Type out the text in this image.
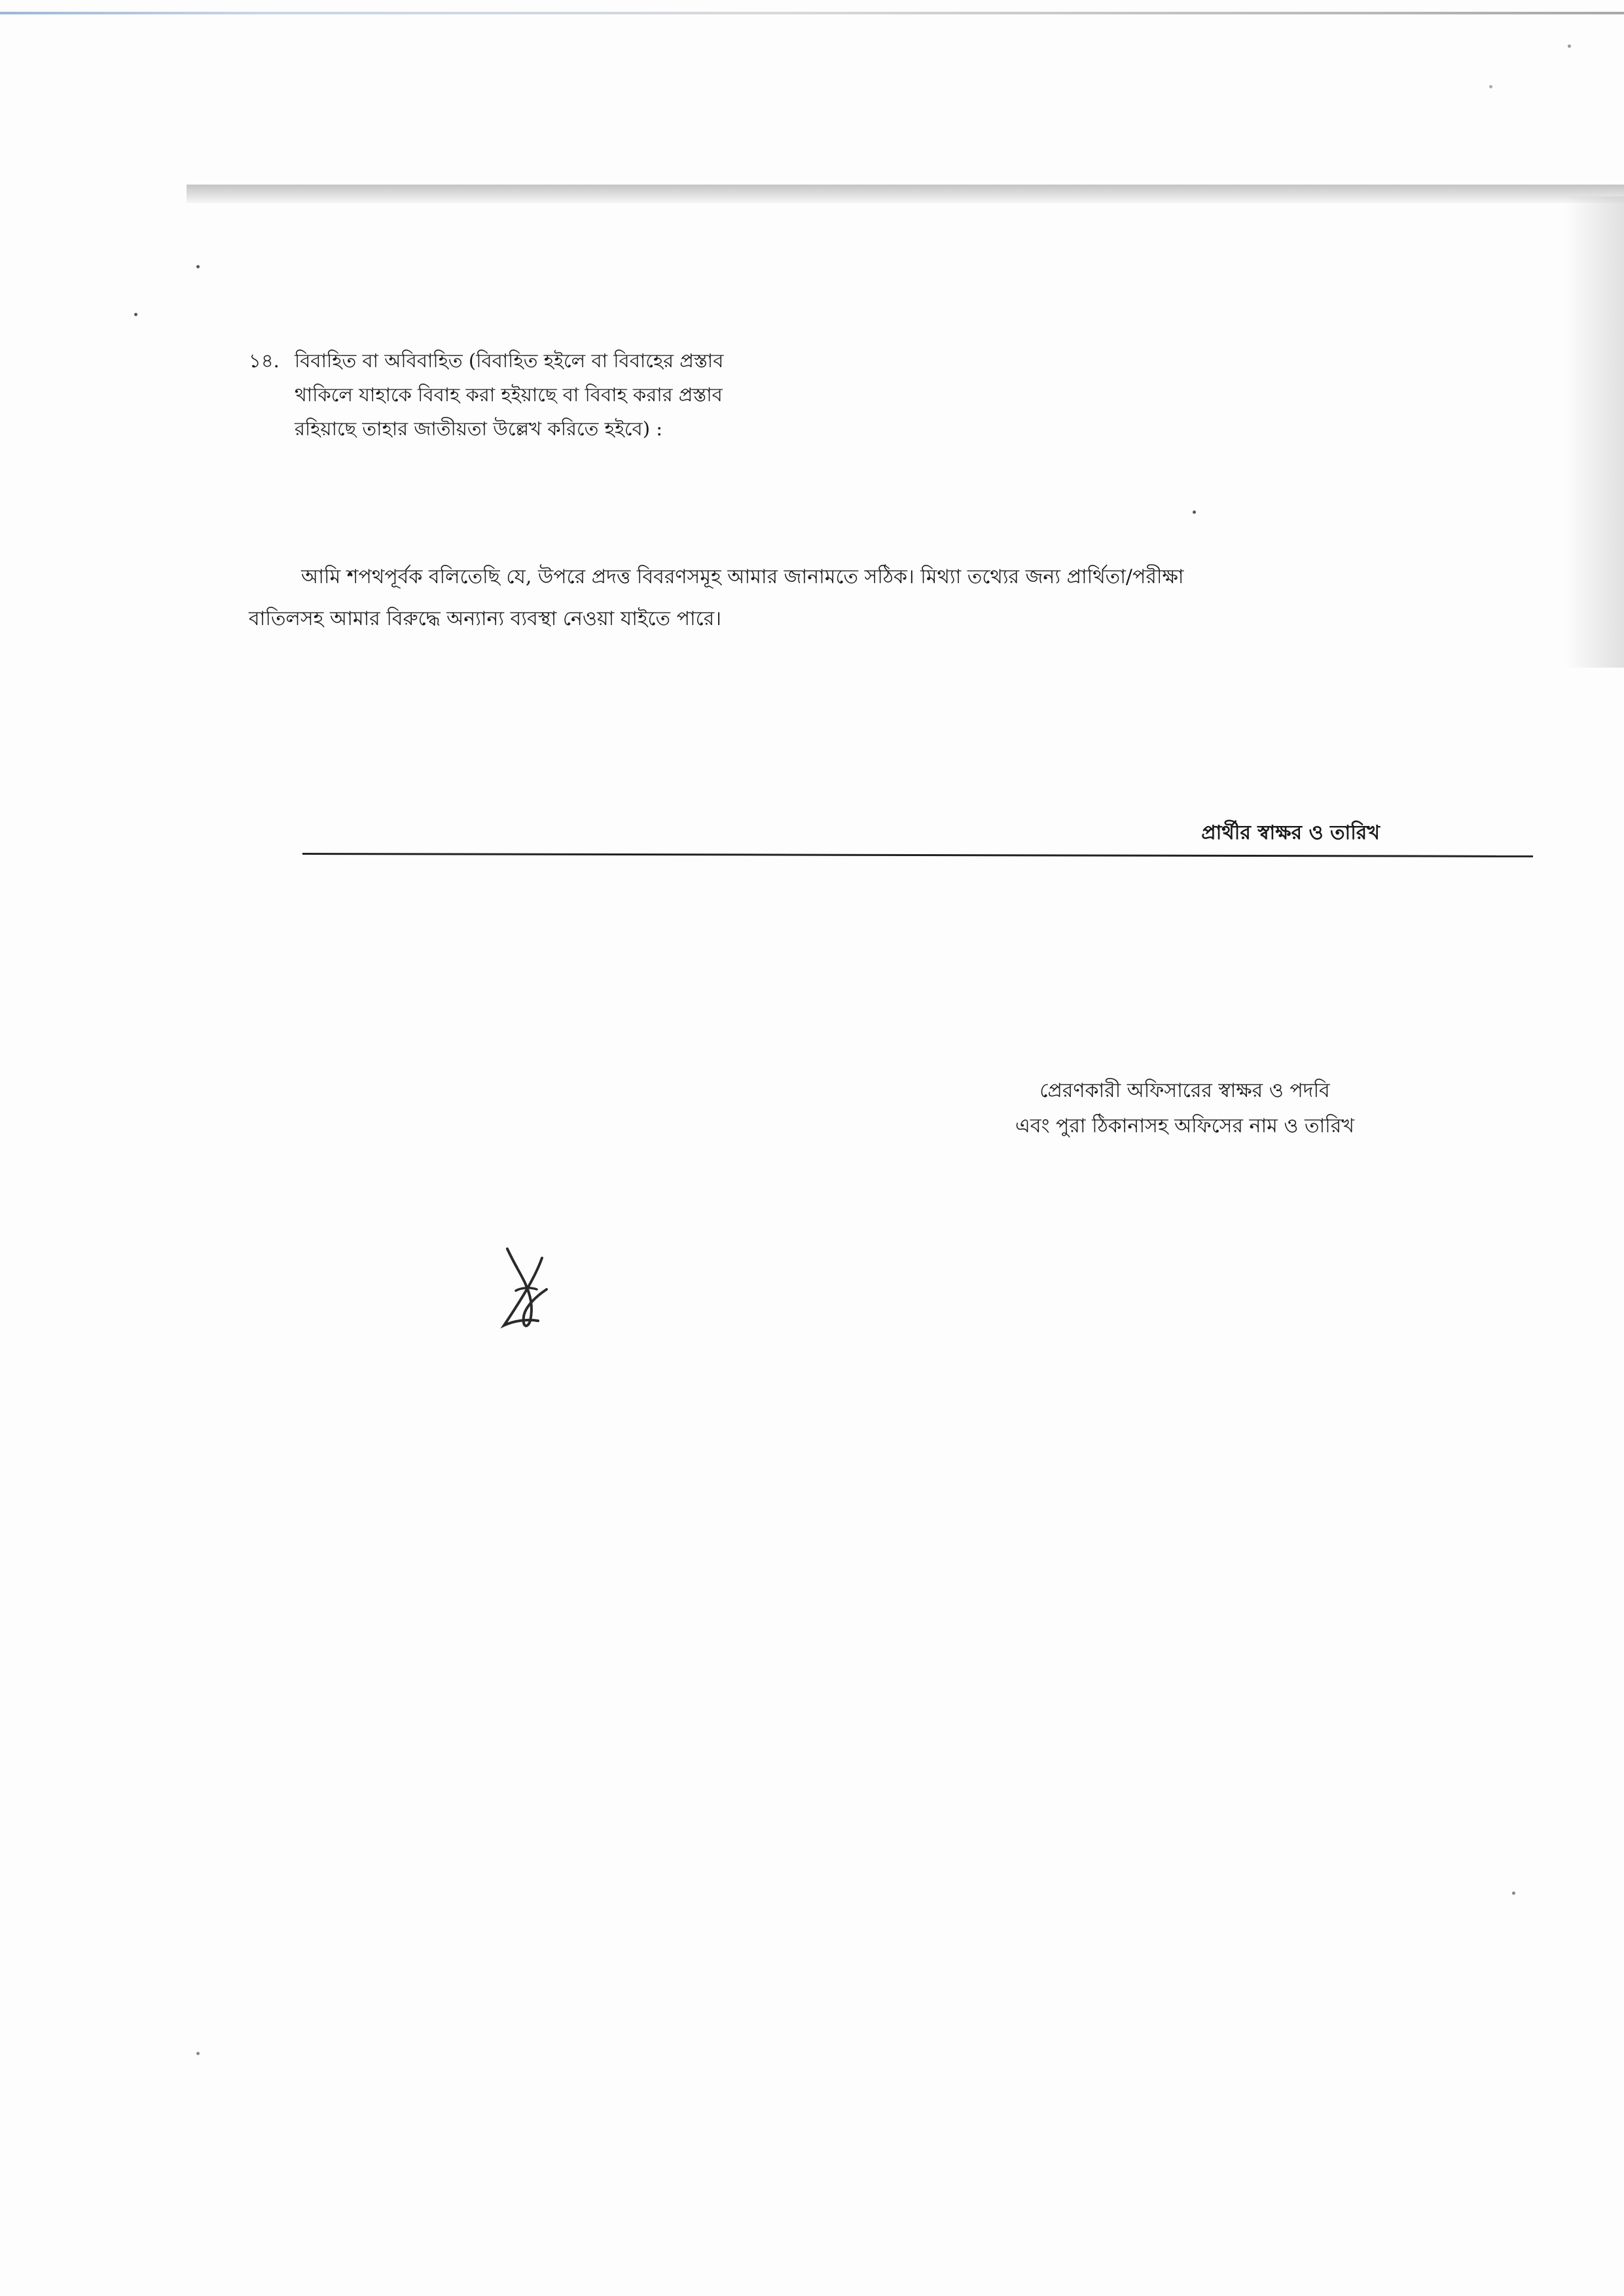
১৪. বিবাহিত বা অবিবাহিত (বিবাহিত হইলে বা বিবাহের প্রস্তাব
থাকিলে যাহাকে বিবাহ করা হইয়াছে বা বিবাহ করার প্রস্তাব
রহিয়াছে তাহার জাতীয়তা উল্লেখ করিতে হইবে) :
আমি শপথপূর্বক বলিতেছি যে, উপরে প্রদত্ত বিবরণসমূহ আমার জানামতে সঠিক। মিথ্যা তথ্যের জন্য প্রার্থিতা/পরীক্ষা
বাতিলসহ আমার বিরুদ্ধে অন্যান্য ব্যবস্থা নেওয়া যাইতে পারে।
প্রার্থীর স্বাক্ষর ও তারিখ
প্রেরণকারী অফিসারের স্বাক্ষর ও পদবি
এবং পুরা ঠিকানাসহ অফিসের নাম ও তারিখ
